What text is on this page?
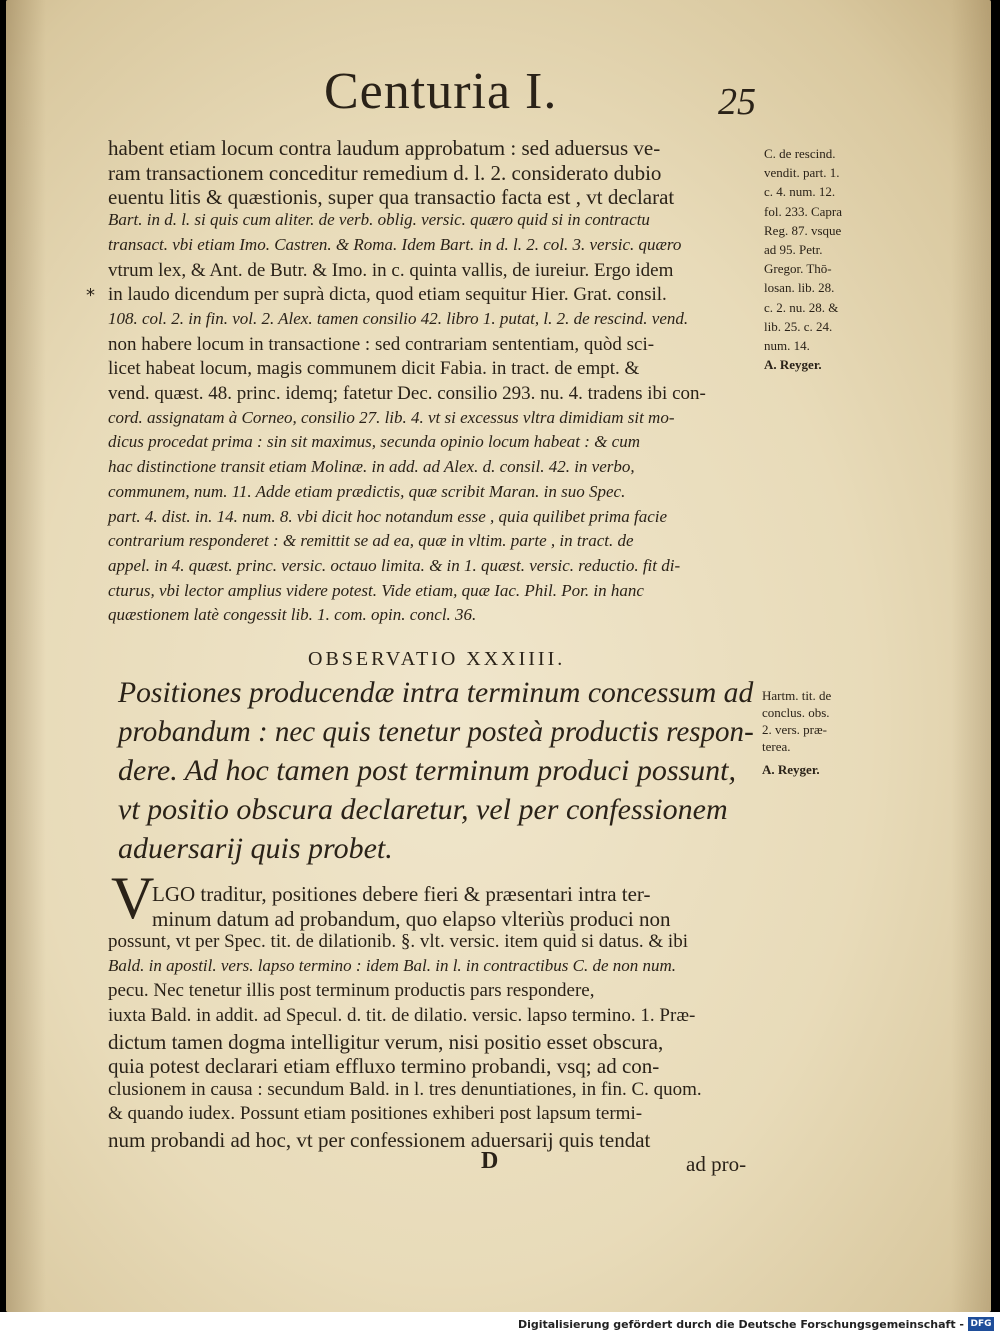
Centuria I.	25
*
OBSERVATIO XXXIIII.
V
D	ad pro-
habent etiam locum contra laudum approbatum : sed aduersus ve-
ram transactionem conceditur remedium d. l. 2. considerato dubio
euentu litis & quæstionis, super qua transactio facta est , vt declarat
Bart. in d. l. si quis cum aliter. de verb. oblig. versic. quæro quid si in contractu
transact. vbi etiam Imo. Castren. & Roma. Idem Bart. in d. l. 2. col. 3. versic. quæro
vtrum lex, & Ant. de Butr. & Imo. in c. quinta vallis, de iureiur. Ergo idem
in laudo dicendum per suprà dicta, quod etiam sequitur Hier. Grat. consil.
108. col. 2. in fin. vol. 2. Alex. tamen consilio 42. libro 1. putat, l. 2. de rescind. vend.
non habere locum in transactione : sed contrariam sententiam, quòd sci-
licet habeat locum, magis communem dicit Fabia. in tract. de empt. &
vend. quæst. 48. princ. idemq; fatetur Dec. consilio 293. nu. 4. tradens ibi con-
cord. assignatam à Corneo, consilio 27. lib. 4. vt si excessus vltra dimidiam sit mo-
dicus procedat prima : sin sit maximus, secunda opinio locum habeat : & cum
hac distinctione transit etiam Molinæ. in add. ad Alex. d. consil. 42. in verbo,
communem, num. 11. Adde etiam prædictis, quæ scribit Maran. in suo Spec.
part. 4. dist. in. 14. num. 8. vbi dicit hoc notandum esse , quia quilibet prima facie
contrarium responderet : & remittit se ad ea, quæ in vltim. parte , in tract. de
appel. in 4. quæst. princ. versic. octauo limita. & in 1. quæst. versic. reductio. fit di-
cturus, vbi lector amplius videre potest. Vide etiam, quæ Iac. Phil. Por. in hanc
quæstionem latè congessit lib. 1. com. opin. concl. 36.
C. de rescind.
vendit. part. 1.
c. 4. num. 12.
fol. 233. Capra
Reg. 87. vsque
ad 95. Petr.
Gregor. Thō-
losan. lib. 28.
c. 2. nu. 28. &
lib. 25. c. 24.
num. 14.
A. Reyger.
Positiones producendæ intra terminum concessum ad
probandum : nec quis tenetur posteà productis respon-
dere. Ad hoc tamen post terminum produci possunt,
vt positio obscura declaretur, vel per confessionem
aduersarij quis probet.
Hartm. tit. de
conclus. obs.
2. vers. præ-
terea.
A. Reyger.
LGO traditur, positiones debere fieri & præsentari intra ter-
minum datum ad probandum, quo elapso vlteriùs produci non
possunt, vt per Spec. tit. de dilationib. §. vlt. versic. item quid si datus. & ibi
Bald. in apostil. vers. lapso termino : idem Bal. in l. in contractibus C. de non num.
pecu. Nec tenetur illis post terminum productis pars respondere,
iuxta Bald. in addit. ad Specul. d. tit. de dilatio. versic. lapso termino. 1. Præ-
dictum tamen dogma intelligitur verum, nisi positio esset obscura,
quia potest declarari etiam effluxo termino probandi, vsq; ad con-
clusionem in causa : secundum Bald. in l. tres denuntiationes, in fin. C. quom.
& quando iudex. Possunt etiam positiones exhiberi post lapsum termi-
num probandi ad hoc, vt per confessionem aduersarij quis tendat
Digitalisierung gefördert durch die Deutsche Forschungsgemeinschaft - DFG
